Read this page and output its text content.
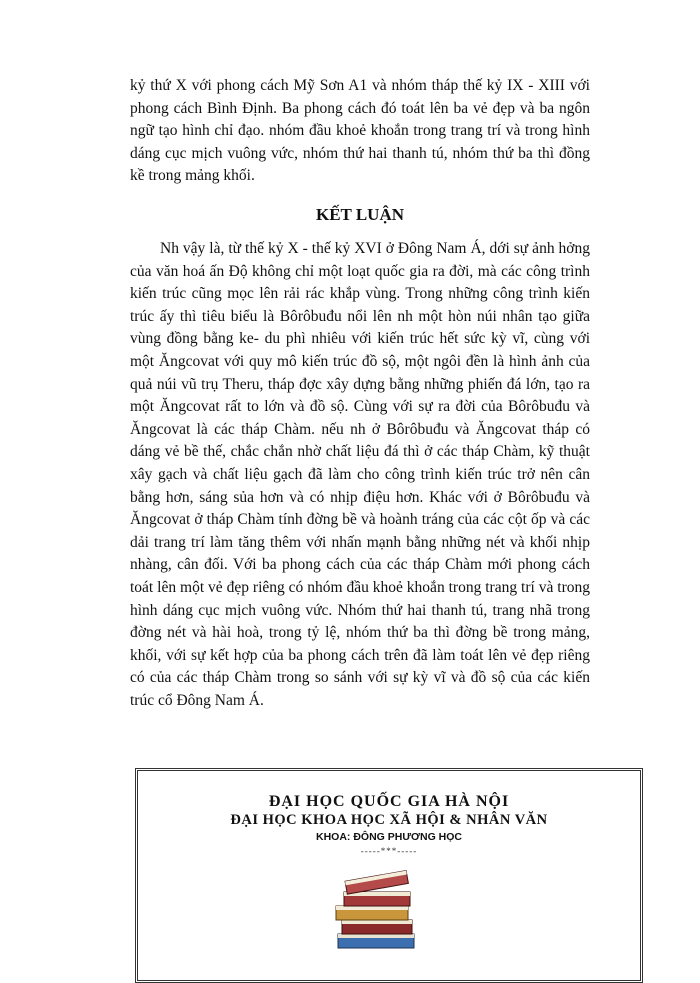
kỷ thứ X với phong cách Mỹ Sơn A1 và nhóm tháp thế kỷ IX - XIII với phong cách Bình Định. Ba phong cách đó toát lên ba vẻ đẹp và ba ngôn ngữ tạo hình chỉ đạo. nhóm đầu khoẻ khoắn trong trang trí và trong hình dáng cục mịch vuông vức, nhóm thứ hai thanh tú, nhóm thứ ba thì đồng kề trong mảng khối.

KẾT LUẬN

Nh vậy là, từ thế kỷ X - thế kỷ XVI ở Đông Nam Á, dới sự ảnh hởng của văn hoá ấn Độ không chỉ một loạt quốc gia ra đời, mà các công trình kiến trúc cũng mọc lên rải rác khắp vùng. Trong những công trình kiến trúc ấy thì tiêu biểu là Bôrôbuđu nổi lên nh một hòn núi nhân tạo giữa vùng đồng bằng ke- du phì nhiêu với kiến trúc hết sức kỳ vĩ, cùng với một Ăngcovat với quy mô kiến trúc đồ sộ, một ngôi đền là hình ảnh của quả núi vũ trụ Theru, tháp đợc xây dựng bằng những phiến đá lớn, tạo ra một Ăngcovat rất to lớn và đồ sộ. Cùng với sự ra đời của Bôrôbuđu và Ăngcovat là các tháp Chàm. nếu nh ở Bôrôbuđu và Ăngcovat tháp có dáng vẻ bề thế, chắc chắn nhờ chất liệu đá thì ở các tháp Chàm, kỹ thuật xây gạch và chất liệu gạch đã làm cho công trình kiến trúc trở nên cân bằng hơn, sáng sủa hơn và có nhịp điệu hơn. Khác với ở Bôrôbuđu và Ăngcovat ở tháp Chàm tính đờng bề và hoành tráng của các cột ốp và các dải trang trí làm tăng thêm với nhấn mạnh bằng những nét và khối nhịp nhàng, cân đối. Với ba phong cách của các tháp Chàm mới phong cách toát lên một vẻ đẹp riêng có nhóm đầu khoẻ khoắn trong trang trí và trong hình dáng cục mịch vuông vức. Nhóm thứ hai thanh tú, trang nhã trong đờng nét và hài hoà, trong tỷ lệ, nhóm thứ ba thì đờng bề trong mảng, khối, với sự kết hợp của ba phong cách trên đã làm toát lên vẻ đẹp riêng có của các tháp Chàm trong so sánh với sự kỳ vĩ và đồ sộ của các kiến trúc cổ Đông Nam Á.

ĐẠI HỌC QUỐC GIA HÀ NỘI

ĐẠI HỌC KHOA HỌC XÃ HỘI & NHÂN VĂN

KHOA: ĐÔNG PHƯƠNG HỌC

-----***-----
